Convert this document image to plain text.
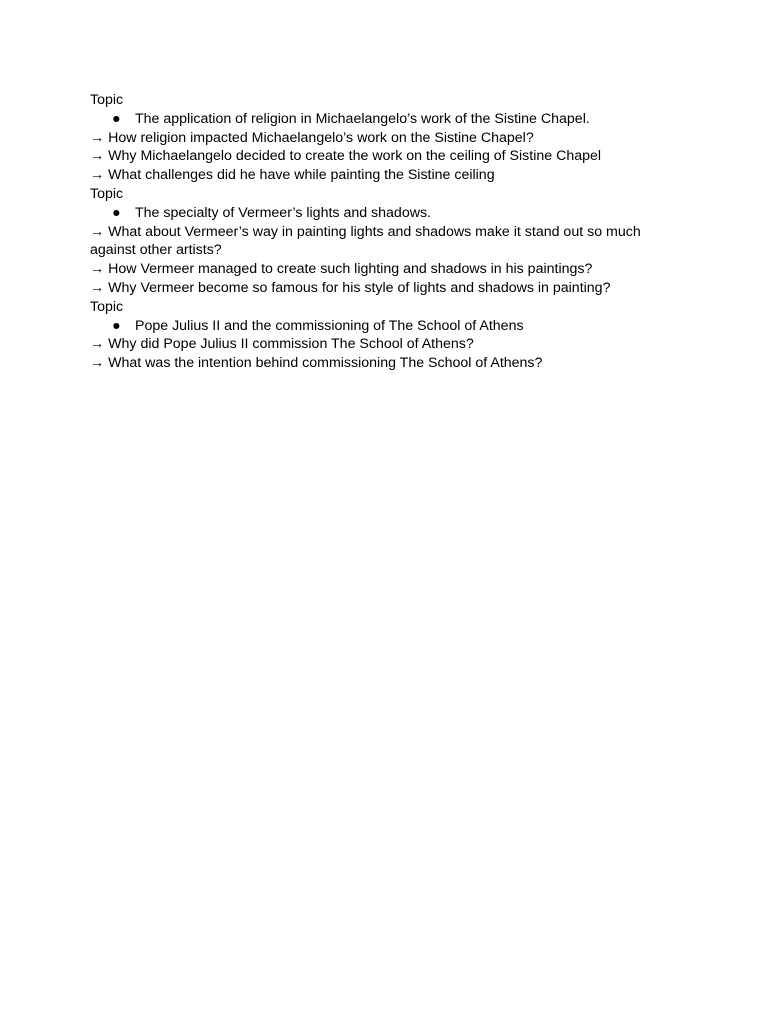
Topic
● The application of religion in Michaelangelo’s work of the Sistine Chapel.
→ How religion impacted Michaelangelo’s work on the Sistine Chapel?
→ Why Michaelangelo decided to create the work on the ceiling of Sistine Chapel
→ What challenges did he have while painting the Sistine ceiling
Topic
● The specialty of Vermeer’s lights and shadows.
→ What about Vermeer’s way in painting lights and shadows make it stand out so much against other artists?
→ How Vermeer managed to create such lighting and shadows in his paintings?
→ Why Vermeer become so famous for his style of lights and shadows in painting?
Topic
● Pope Julius II and the commissioning of The School of Athens
→ Why did Pope Julius II commission The School of Athens?
→ What was the intention behind commissioning The School of Athens?
